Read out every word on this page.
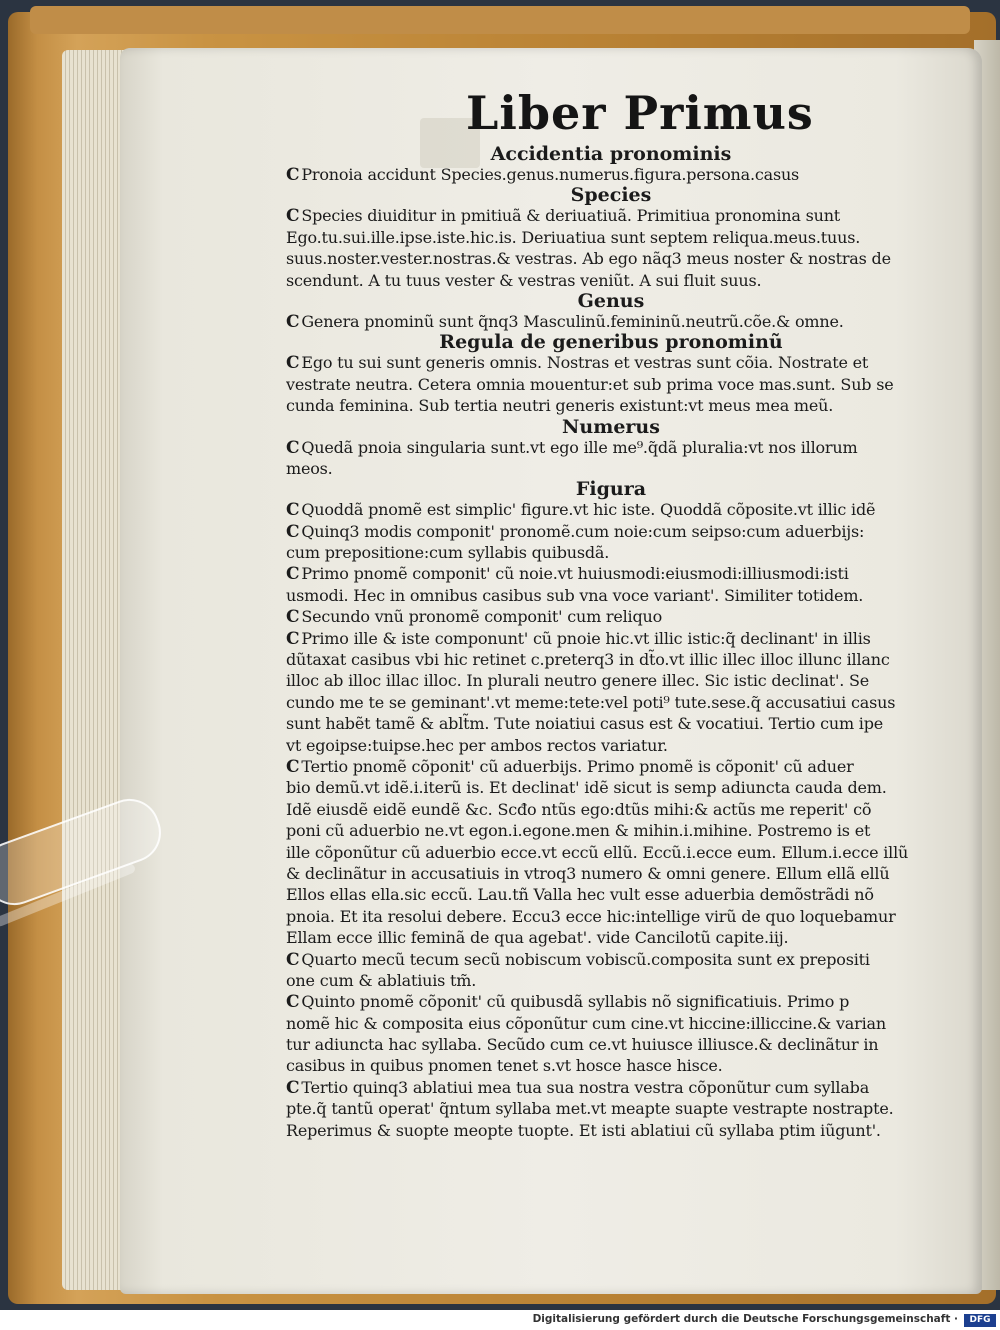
Liber Primus
Accidentia pronominis
C Pronoia accidunt Species.genus.numerus.figura.persona.casus
Species
C Species diuiditur in pmitiuã & deriuatiuã. Primitiua pronomina sunt
Ego.tu.sui.ille.ipse.iste.hic.is. Deriuatiua sunt septem reliqua.meus.tuus.
suus.noster.vester.nostras.& vestras. Ab ego nãq3 meus noster & nostras de
scendunt. A tu tuus vester & vestras veniũt. A sui fluit suus.
Genus
C Genera pnominũ sunt q̃nq3 Masculinũ.femininũ.neutrũ.cõe.& omne.
Regula de generibus pronominũ
C Ego tu sui sunt generis omnis. Nostras et vestras sunt cõia. Nostrate et
vestrate neutra. Cetera omnia mouentur:et sub prima voce mas.sunt. Sub se
cunda feminina. Sub tertia neutri generis existunt:vt meus mea meũ.
Numerus
C Quedã pnoia singularia sunt.vt ego ille me⁹.q̃dã pluralia:vt nos illorum
meos.
Figura
C Quoddã pnomẽ est simplic' figure.vt hic iste. Quoddã cõposite.vt illic idẽ
C Quinq3 modis componit' pronomẽ.cum noie:cum seipso:cum aduerbijs:
cum prepositione:cum syllabis quibusdã.
C Primo pnomẽ componit' cũ noie.vt huiusmodi:eiusmodi:illiusmodi:isti
usmodi. Hec in omnibus casibus sub vna voce variant'. Similiter totidem.
C Secundo vnũ pronomẽ componit' cum reliquo
C Primo ille & iste componunt' cũ pnoie hic.vt illic istic:q̃ declinant' in illis
dũtaxat casibus vbi hic retinet c.preterq3 in dt̃o.vt illic illec illoc illunc illanc
illoc ab illoc illac illoc. In plurali neutro genere illec. Sic istic declinat'. Se
cundo me te se geminant'.vt meme:tete:vel poti⁹ tute.sese.q̃ accusatiui casus
sunt habẽt tamẽ & ablt̃m. Tute noiatiui casus est & vocatiui. Tertio cum ipe
vt egoipse:tuipse.hec per ambos rectos variatur.
C Tertio pnomẽ cõponit' cũ aduerbijs. Primo pnomẽ is cõponit' cũ aduer
bio demũ.vt idẽ.i.iterũ is. Et declinat' idẽ sicut is semp adiuncta cauda dem.
Idẽ eiusdẽ eidẽ eundẽ &c. Scđo ntũs ego:dtũs mihi:& actũs me reperit' cõ
poni cũ aduerbio ne.vt egon.i.egone.men & mihin.i.mihine. Postremo is et
ille cõponũtur cũ aduerbio ecce.vt eccũ ellũ. Eccũ.i.ecce eum. Ellum.i.ecce illũ
& declinãtur in accusatiuis in vtroq3 numero & omni genere. Ellum ellã ellũ
Ellos ellas ella.sic eccũ. Lau.tñ Valla hec vult esse aduerbia demõstrãdi nõ
pnoia. Et ita resolui debere. Eccu3 ecce hic:intellige virũ de quo loquebamur
Ellam ecce illic feminã de qua agebat'. vide Cancilotũ capite.iij.
C Quarto mecũ tecum secũ nobiscum vobiscũ.composita sunt ex prepositi
one cum & ablatiuis tm̃.
C Quinto pnomẽ cõponit' cũ quibusdã syllabis nõ significatiuis. Primo p
nomẽ hic & composita eius cõponũtur cum cine.vt hiccine:illiccine.& varian
tur adiuncta hac syllaba. Secũdo cum ce.vt huiusce illiusce.& declinãtur in
casibus in quibus pnomen tenet s.vt hosce hasce hisce.
C Tertio quinq3 ablatiui mea tua sua nostra vestra cõponũtur cum syllaba
pte.q̃ tantũ operat' q̃ntum syllaba met.vt meapte suapte vestrapte nostrapte.
Reperimus & suopte meopte tuopte. Et isti ablatiui cũ syllaba ptim iũgunt'.
Digitalisierung gefördert durch die Deutsche Forschungsgemeinschaft ·	DFG
